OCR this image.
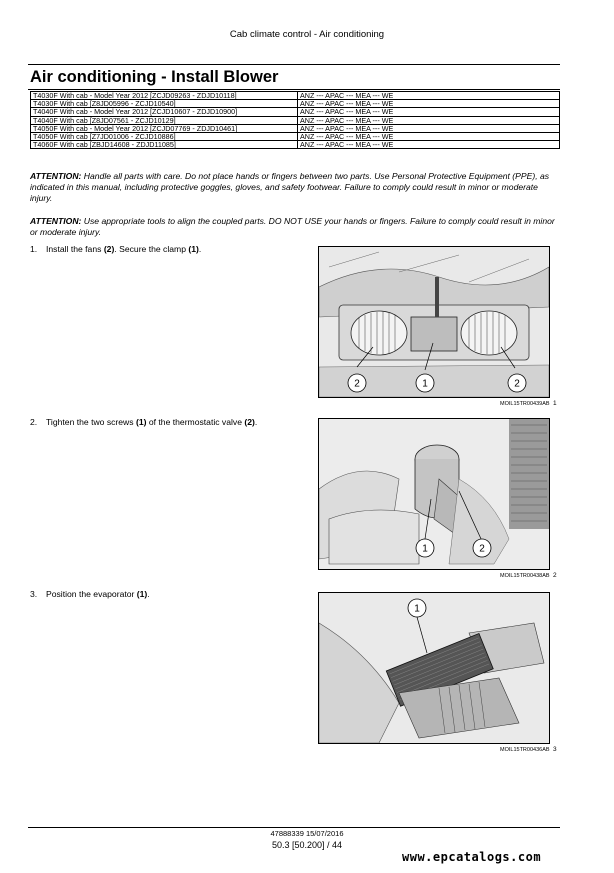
Cab climate control - Air conditioning
Air conditioning - Install Blower
T4030F With cab - Model Year 2012 [ZCJD09263 - ZDJD10118]	ANZ --- APAC --- MEA --- WE
T4030F With cab [Z8JD05996 - ZCJD10540]	ANZ --- APAC --- MEA --- WE
T4040F With cab - Model Year 2012 [ZCJD10607 - ZDJD10900]	ANZ --- APAC --- MEA --- WE
T4040F With cab [Z8JD07561 - ZCJD10129]	ANZ --- APAC --- MEA --- WE
T4050F With cab - Model Year 2012 [ZCJD07769 - ZDJD10461]	ANZ --- APAC --- MEA --- WE
T4050F With cab [Z7JD01006 - ZCJD10886]	ANZ --- APAC --- MEA --- WE
T4060F With cab [ZBJD14608 - ZDJD11085]	ANZ --- APAC --- MEA --- WE
ATTENTION: Handle all parts with care. Do not place hands or fingers between two parts. Use Personal Protective Equipment (PPE), as indicated in this manual, including protective goggles, gloves, and safety footwear. Failure to comply could result in minor or moderate injury.
ATTENTION: Use appropriate tools to align the coupled parts. DO NOT USE your hands or fingers. Failure to comply could result in minor or moderate injury.
1. Install the fans (2). Secure the clamp (1).
2	1	2
MOIL15TR00439AB 1
2. Tighten the two screws (1) of the thermostatic valve (2).
1	2
MOIL15TR00438AB 2
3. Position the evaporator (1).
1
MOIL15TR00436AB 3
47888339 15/07/2016
50.3 [50.200] / 44
www.epcatalogs.com
